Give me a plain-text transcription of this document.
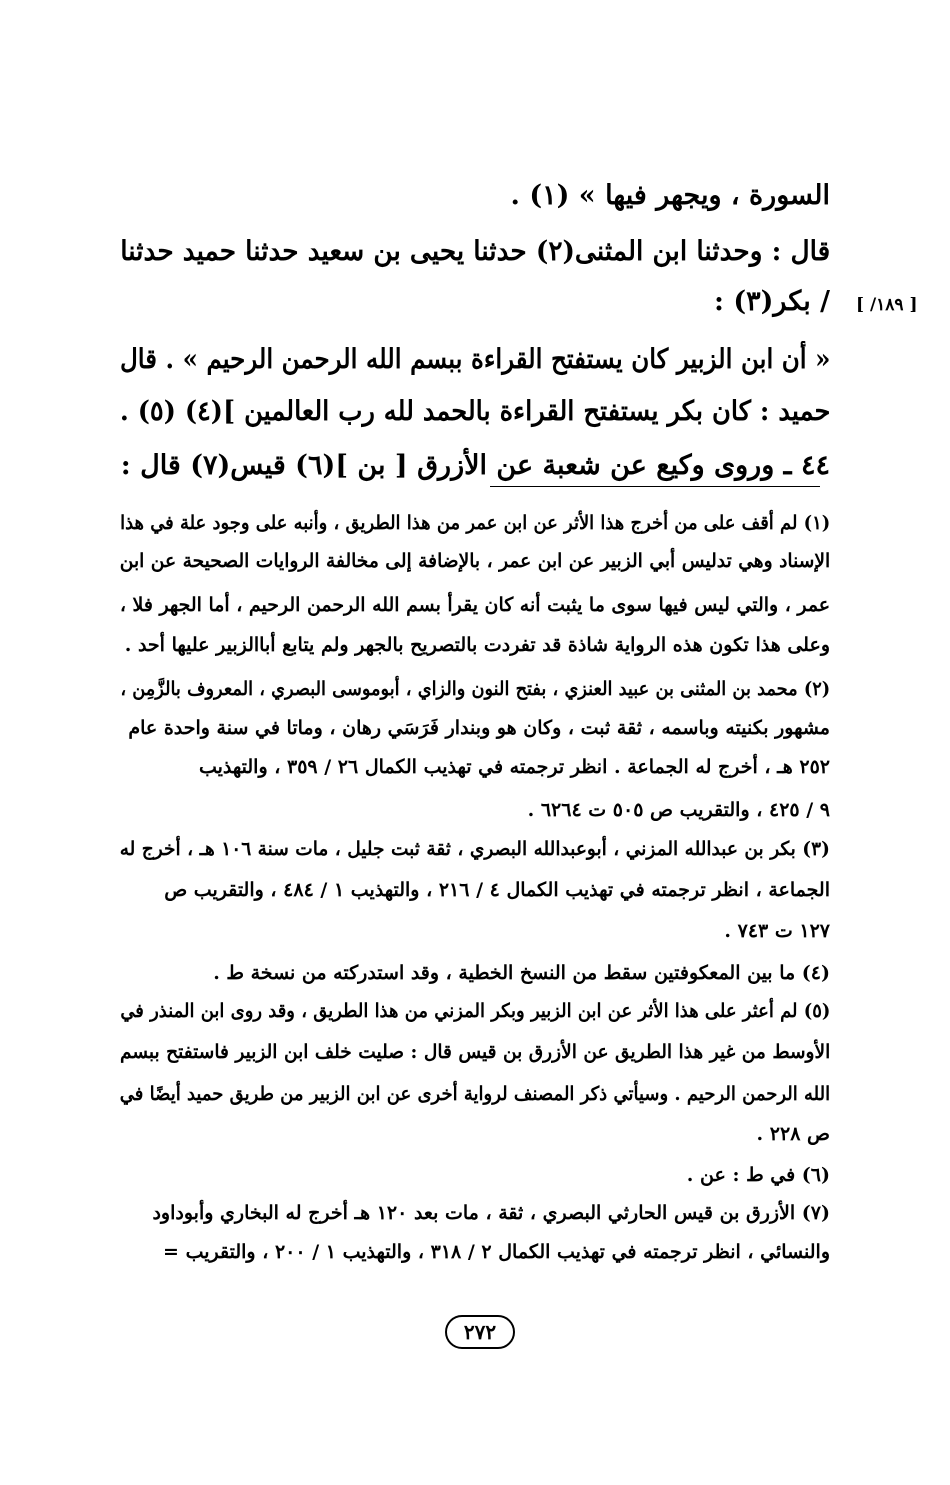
السورة ، ويجهر فيها » (١) .

قال : وحدثنا ابن المثنى(٢) حدثنا يحيى بن سعيد حدثنا حميد حدثنا

/ بكر(٣) :

« أن ابن الزبير كان يستفتح القراءة ببسم الله الرحمن الرحيم » . قال

حميد : كان بكر يستفتح القراءة بالحمد لله رب العالمين ](٤) (٥) .

٤٤ ـ وروى وكيع عن شعبة عن الأزرق [ بن ](٦) قيس(٧) قال :

[ ١٨٩/ ]

(١) لم أقف على من أخرج هذا الأثر عن ابن عمر من هذا الطريق ، وأنبه على وجود علة في هذا

الإسناد وهي تدليس أبي الزبير عن ابن عمر ، بالإضافة إلى مخالفة الروايات الصحيحة عن ابن

عمر ، والتي ليس فيها سوى ما يثبت أنه كان يقرأ بسم الله الرحمن الرحيم ، أما الجهر فلا ،

وعلى هذا تكون هذه الرواية شاذة قد تفردت بالتصريح بالجهر ولم يتابع أباالزبير عليها أحد .

(٢) محمد بن المثنى بن عبيد العنزي ، بفتح النون والزاي ، أبوموسى البصري ، المعروف بالزَّمِن ،

مشهور بكنيته وباسمه ، ثقة ثبت ، وكان هو وبندار فَرَسَي رهان ، وماتا في سنة واحدة عام

٢٥٢ هـ ، أخرج له الجماعة . انظر ترجمته في تهذيب الكمال ٢٦ / ٣٥٩ ، والتهذيب

٩ / ٤٢٥ ، والتقريب ص ٥٠٥ ت ٦٢٦٤ .

(٣) بكر بن عبدالله المزني ، أبوعبدالله البصري ، ثقة ثبت جليل ، مات سنة ١٠٦ هـ ، أخرج له

الجماعة ، انظر ترجمته في تهذيب الكمال ٤ / ٢١٦ ، والتهذيب ١ / ٤٨٤ ، والتقريب ص

١٢٧ ت ٧٤٣ .

(٤) ما بين المعكوفتين سقط من النسخ الخطية ، وقد استدركته من نسخة ط .

(٥) لم أعثر على هذا الأثر عن ابن الزبير وبكر المزني من هذا الطريق ، وقد روى ابن المنذر في

الأوسط من غير هذا الطريق عن الأزرق بن قيس قال : صليت خلف ابن الزبير فاستفتح ببسم

الله الرحمن الرحيم . وسيأتي ذكر المصنف لرواية أخرى عن ابن الزبير من طريق حميد أيضًا في

ص ٢٢٨ .

(٦) في ط : عن .

(٧) الأزرق بن قيس الحارثي البصري ، ثقة ، مات بعد ١٢٠ هـ أخرج له البخاري وأبوداود

والنسائي ، انظر ترجمته في تهذيب الكمال ٢ / ٣١٨ ، والتهذيب ١ / ٢٠٠ ، والتقريب =

٢٧٢
